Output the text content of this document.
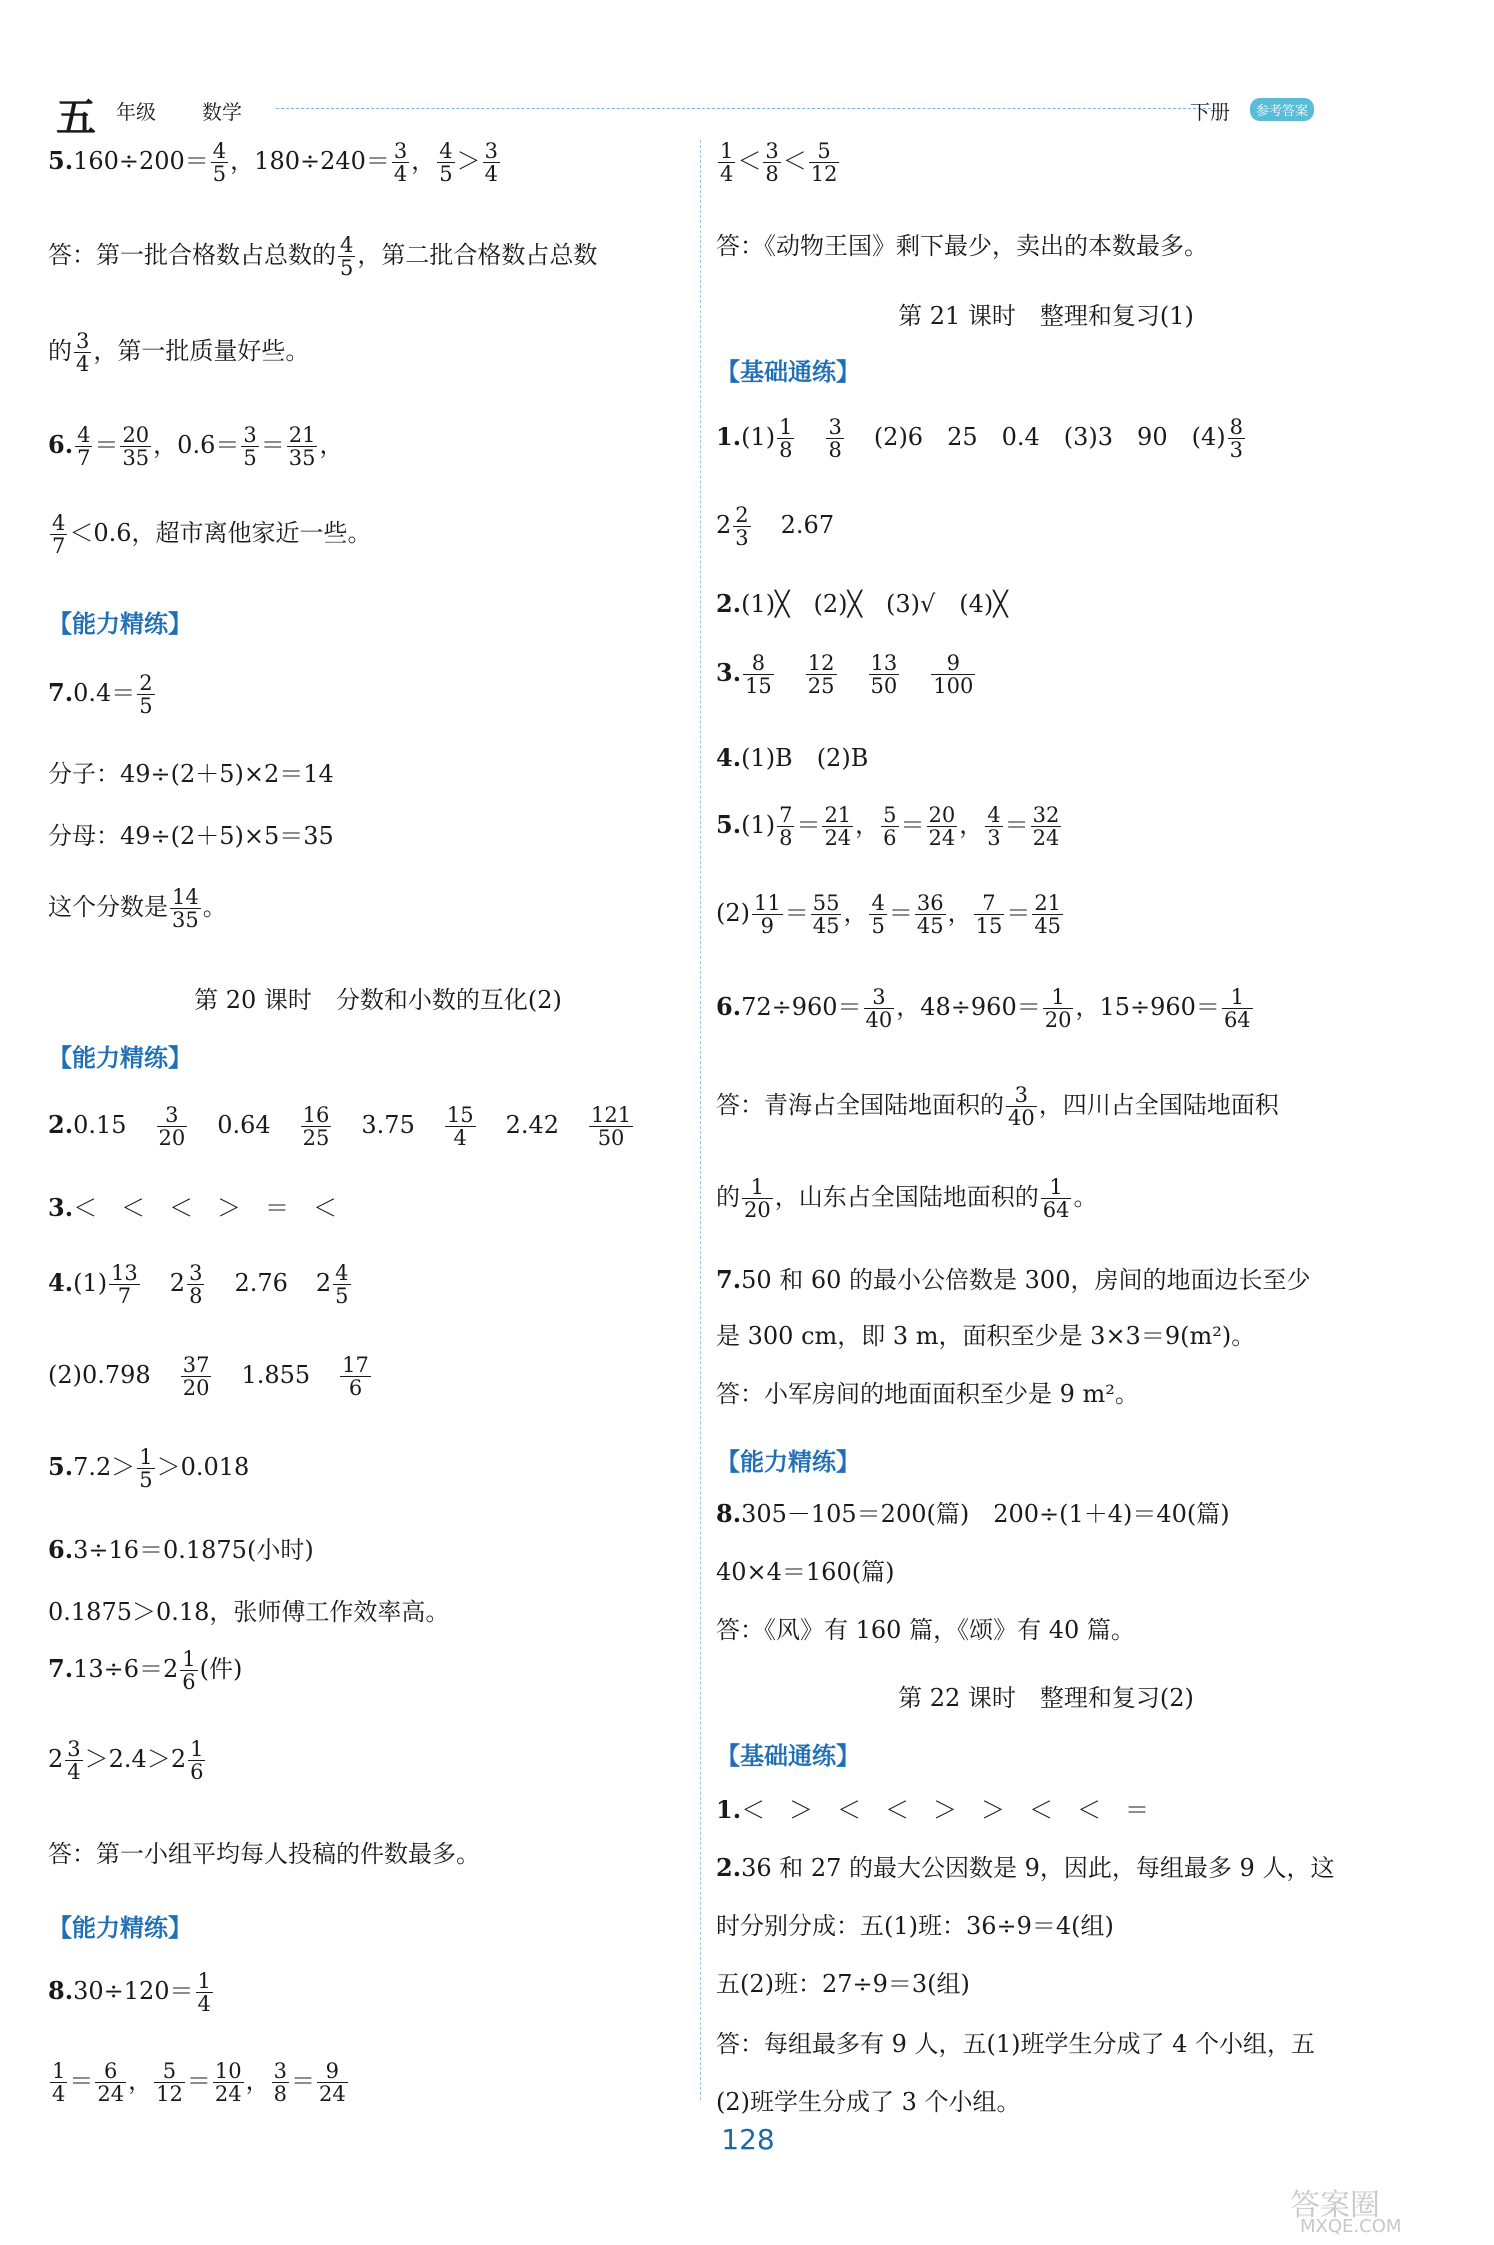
五 年级 数学	下册	参考答案
$5.160\div 200= \frac{4}{5}$ ，$180\div 240= \frac{3}{4}$ ， $\frac{4}{5} > \frac{3}{4}$
答：第一批合格数占总数的 $\frac{4}{5}$ ，第二批合格数占总数
的 $\frac{3}{4}$ ，第一批质量好些。
6. $\frac{4}{7} = \frac{20}{35}$ ，$0.6= \frac{3}{5} = \frac{21}{35}$ ，
$\frac{4}{7} <0.6$，超市离他家近一些。
【能力精练】
$7.0.4= \frac{2}{5}$
分子：49÷(2＋5)×2＝14
分母：49÷(2＋5)×5＝35
这个分数是 $\frac{14}{35}$ 。
第 20 课时　分数和小数的互化(2)
【能力精练】
$2.0.15 \frac{3}{20} 0.64 \frac{16}{25} 3.75 \frac{15}{4} 2.42 \frac{121}{50}$
3.＜　＜　＜　＞　＝　＜
$4.(1) \frac{13}{7} 2 \frac{3}{8} 2.76$ $2 \frac{4}{5}$
$(2)0.798 \frac{37}{20} 1.855 \frac{17}{6}$
$5.7.2> \frac{1}{5} >0.018$
6.3÷16＝0.1875(小时)
0.1875＞0.18，张师傅工作效率高。
$7.13\div 6=2 \frac{1}{6}$ (件)
$2 \frac{3}{4} >2.4>2 \frac{1}{6}$
答：第一小组平均每人投稿的件数最多。
【能力精练】
$8.30\div 120= \frac{1}{4}$
$\frac{1}{4} = \frac{6}{24}$ ， $\frac{5}{12} = \frac{10}{24}$ ， $\frac{3}{8} = \frac{9}{24}$
$\frac{1}{4} < \frac{3}{8} < \frac{5}{12}$
答：《动物王国》剩下最少，卖出的本数最多。
第 21 课时　整理和复习(1)
【基础通练】
$1.(1) \frac{1}{8} \frac{3}{8} (2)6$　25　0.4　(3)3　90　$(4) \frac{8}{3}$
$2 \frac{2}{3} 2.67$
2.(1)╳　(2)╳　(3)√　(4)╳
3. $\frac{8}{15} \frac{12}{25} \frac{13}{50} \frac{9}{100}$
4.(1)B　(2)B
$5.(1) \frac{7}{8} = \frac{21}{24}$ ， $\frac{5}{6} = \frac{20}{24}$ ， $\frac{4}{3} = \frac{32}{24}$
$(2) \frac{11}{9} = \frac{55}{45}$ ， $\frac{4}{5} = \frac{36}{45}$ ， $\frac{7}{15} = \frac{21}{45}$
$6.72\div 960= \frac{3}{40}$ ，$48\div 960= \frac{1}{20}$ ，$15\div 960= \frac{1}{64}$
答：青海占全国陆地面积的 $\frac{3}{40}$ ，四川占全国陆地面积
的 $\frac{1}{20}$ ，山东占全国陆地面积的 $\frac{1}{64}$ 。
7.50 和 60 的最小公倍数是 300，房间的地面边长至少
是 300 cm，即 3 m，面积至少是 3×3＝9(m²)。
答：小军房间的地面面积至少是 9 m²。
【能力精练】
8.305－105＝200(篇)　200÷(1＋4)＝40(篇)
40×4＝160(篇)
答：《风》有 160 篇，《颂》有 40 篇。
第 22 课时　整理和复习(2)
【基础通练】
1.＜　＞　＜　＜　＞　＞　＜　＜　＝
2.36 和 27 的最大公因数是 9，因此，每组最多 9 人，这
时分别分成：五(1)班：36÷9＝4(组)
五(2)班：27÷9＝3(组)
答：每组最多有 9 人，五(1)班学生分成了 4 个小组，五
(2)班学生分成了 3 个小组。
128
答案圈
MXQE.COM
